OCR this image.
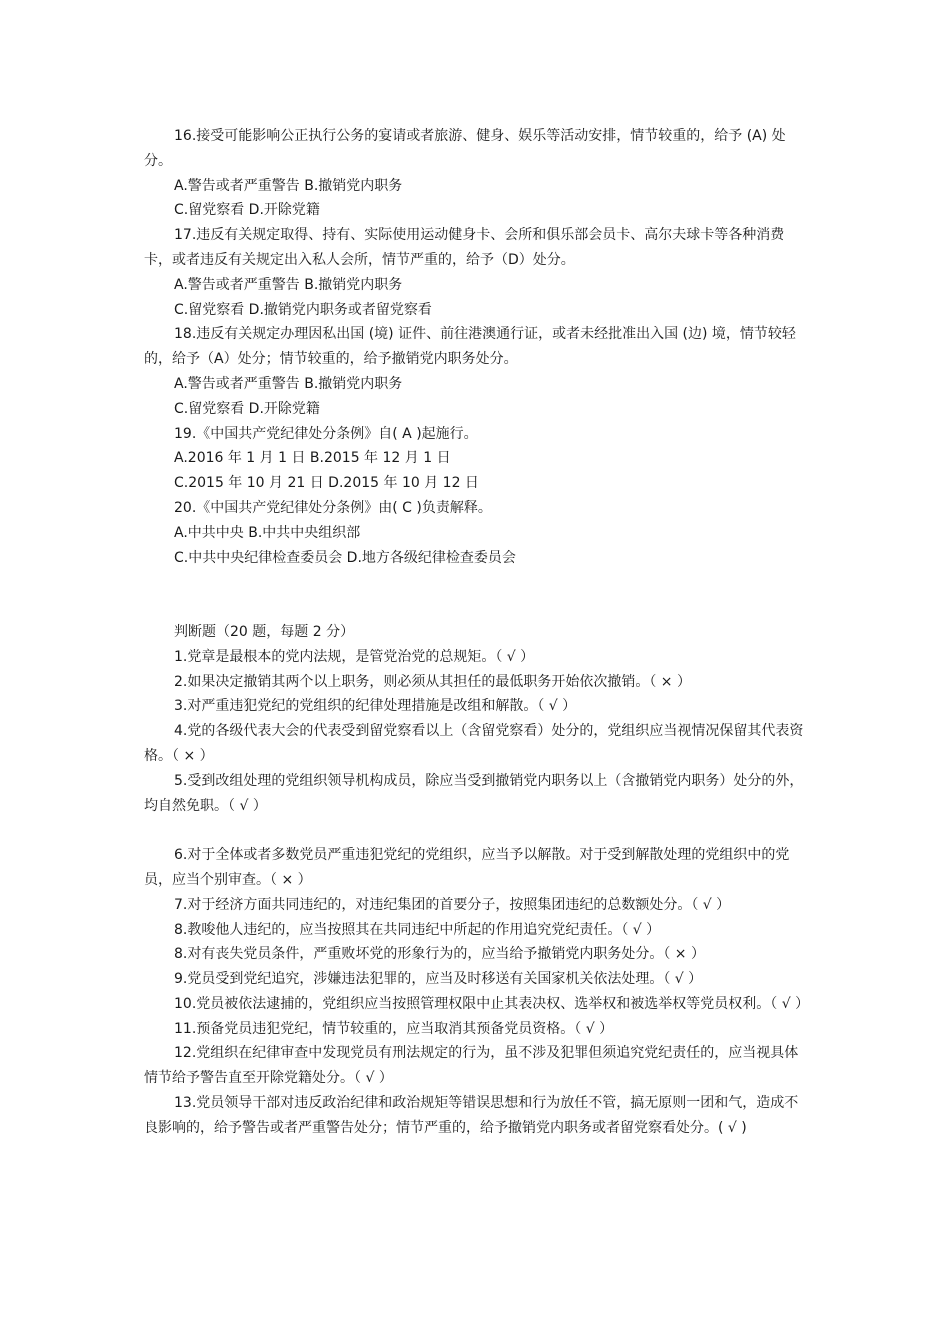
16.接受可能影响公正执行公务的宴请或者旅游、健身、娱乐等活动安排，情节较重的，给予 (A) 处分。

A.警告或者严重警告 B.撤销党内职务

C.留党察看 D.开除党籍

17.违反有关规定取得、持有、实际使用运动健身卡、会所和俱乐部会员卡、高尔夫球卡等各种消费卡，或者违反有关规定出入私人会所，情节严重的，给予（D）处分。

A.警告或者严重警告 B.撤销党内职务

C.留党察看 D.撤销党内职务或者留党察看

18.违反有关规定办理因私出国 (境) 证件、前往港澳通行证，或者未经批准出入国 (边) 境，情节较轻的，给予（A）处分；情节较重的，给予撤销党内职务处分。

A.警告或者严重警告 B.撤销党内职务

C.留党察看 D.开除党籍

19.《中国共产党纪律处分条例》自( A )起施行。

A.2016 年 1 月 1 日 B.2015 年 12 月 1 日

C.2015 年 10 月 21 日 D.2015 年 10 月 12 日

20.《中国共产党纪律处分条例》由( C )负责解释。

A.中共中央 B.中共中央组织部

C.中共中央纪律检查委员会 D.地方各级纪律检查委员会

判断题（20 题，每题 2 分）

1.党章是最根本的党内法规，是管党治党的总规矩。（ √ ）

2.如果决定撤销其两个以上职务，则必须从其担任的最低职务开始依次撤销。（ × ）

3.对严重违犯党纪的党组织的纪律处理措施是改组和解散。（ √ ）

4.党的各级代表大会的代表受到留党察看以上（含留党察看）处分的，党组织应当视情况保留其代表资格。（ × ）

5.受到改组处理的党组织领导机构成员，除应当受到撤销党内职务以上（含撤销党内职务）处分的外，均自然免职。（ √ ）

6.对于全体或者多数党员严重违犯党纪的党组织，应当予以解散。对于受到解散处理的党组织中的党员，应当个别审查。（ × ）

7.对于经济方面共同违纪的，对违纪集团的首要分子，按照集团违纪的总数额处分。（ √ ）

8.教唆他人违纪的，应当按照其在共同违纪中所起的作用追究党纪责任。（ √ ）

8.对有丧失党员条件，严重败坏党的形象行为的，应当给予撤销党内职务处分。（ × ）

9.党员受到党纪追究，涉嫌违法犯罪的，应当及时移送有关国家机关依法处理。（ √ ）

10.党员被依法逮捕的，党组织应当按照管理权限中止其表决权、选举权和被选举权等党员权利。（ √ ）

11.预备党员违犯党纪，情节较重的，应当取消其预备党员资格。（ √ ）

12.党组织在纪律审查中发现党员有刑法规定的行为，虽不涉及犯罪但须追究党纪责任的，应当视具体情节给予警告直至开除党籍处分。（ √ ）

13.党员领导干部对违反政治纪律和政治规矩等错误思想和行为放任不管，搞无原则一团和气，造成不良影响的，给予警告或者严重警告处分；情节严重的，给予撤销党内职务或者留党察看处分。( √ )
